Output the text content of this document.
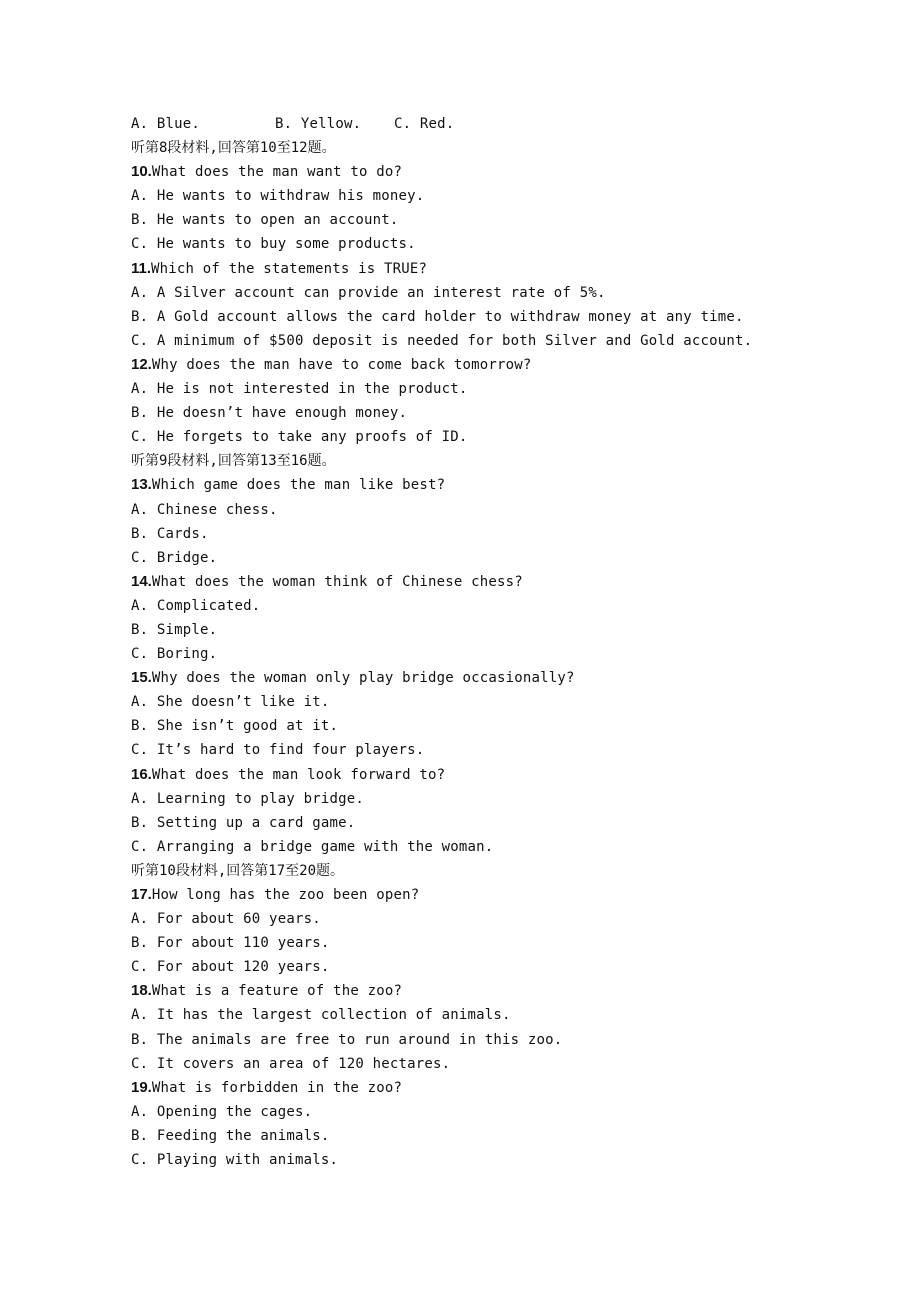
A. Blue.	B. Yellow.	C. Red.
听第8段材料,回答第10至12题。
10.What does the man want to do?
A. He wants to withdraw his money.
B. He wants to open an account.
C. He wants to buy some products.
11.Which of the statements is TRUE?
A. A Silver account can provide an interest rate of 5%.
B. A Gold account allows the card holder to withdraw money at any time.
C. A minimum of $500 deposit is needed for both Silver and Gold account.
12.Why does the man have to come back tomorrow?
A. He is not interested in the product.
B. He doesn’t have enough money.
C. He forgets to take any proofs of ID.
听第9段材料,回答第13至16题。
13.Which game does the man like best?
A. Chinese chess.
B. Cards.
C. Bridge.
14.What does the woman think of Chinese chess?
A. Complicated.
B. Simple.
C. Boring.
15.Why does the woman only play bridge occasionally?
A. She doesn’t like it.
B. She isn’t good at it.
C. It’s hard to find four players.
16.What does the man look forward to?
A. Learning to play bridge.
B. Setting up a card game.
C. Arranging a bridge game with the woman.
听第10段材料,回答第17至20题。
17.How long has the zoo been open?
A. For about 60 years.
B. For about 110 years.
C. For about 120 years.
18.What is a feature of the zoo?
A. It has the largest collection of animals.
B. The animals are free to run around in this zoo.
C. It covers an area of 120 hectares.
19.What is forbidden in the zoo?
A. Opening the cages.
B. Feeding the animals.
C. Playing with animals.
